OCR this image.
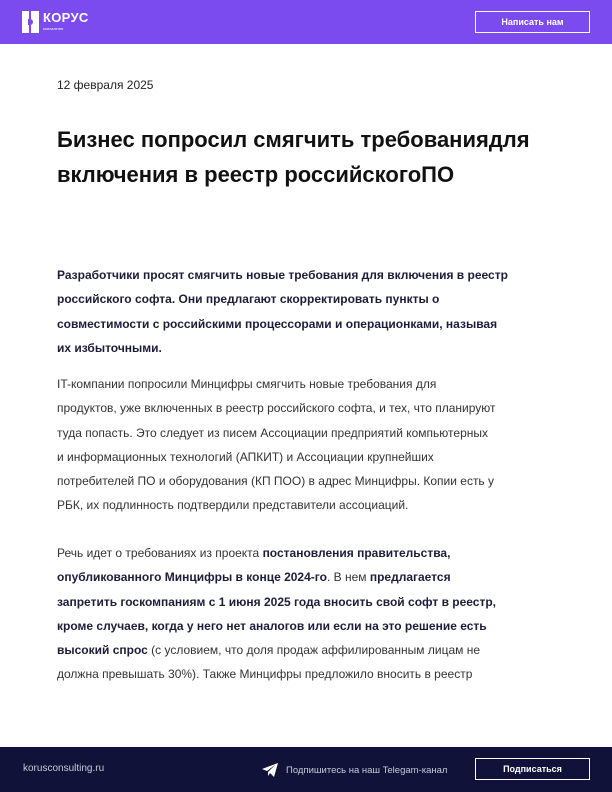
КОРУС
консалтинг
Написать нам
12 февраля 2025
Бизнес попросил смягчить требованиядля включения в реестр российскогоПО
Разработчики просят смягчить новые требования для включения в реестр
российского софта. Они предлагают скорректировать пункты о
совместимости с российскими процессорами и операционками, называя
их избыточными.
IT-компании попросили Минцифры смягчить новые требования для
продуктов, уже включенных в реестр российского софта, и тех, что планируют
туда попасть. Это следует из писем Ассоциации предприятий компьютерных
и информационных технологий (АПКИТ) и Ассоциации крупнейших
потребителей ПО и оборудования (КП ПОО) в адрес Минцифры. Копии есть у
РБК, их подлинность подтвердили представители ассоциаций.
Речь идет о требованиях из проекта постановления правительства,
опубликованного Минцифры в конце 2024-го. В нем предлагается
запретить госкомпаниям с 1 июня 2025 года вносить свой софт в реестр,
кроме случаев, когда у него нет аналогов или если на это решение есть
высокий спрос (с условием, что доля продаж аффилированным лицам не
должна превышать 30%). Также Минцифры предложило вносить в реестр
korusconsulting.ru	Подпишитесь на наш Telegam-канал	Подписаться
